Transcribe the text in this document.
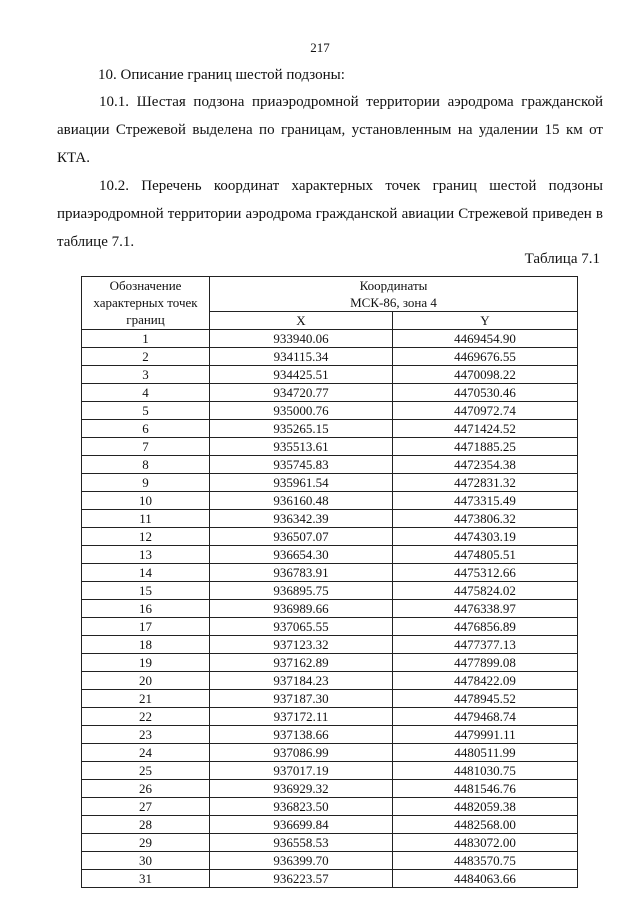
217
10. Описание границ шестой подзоны:

10.1. Шестая подзона приаэродромной территории аэродрома гражданской авиации Стрежевой выделена по границам, установленным на удалении 15 км от КТА.

10.2. Перечень координат характерных точек границ шестой подзоны приаэродромной территории аэродрома гражданской авиации Стрежевой приведен в таблице 7.1.

Таблица 7.1
Обозначение характерных точек границ	Координаты
МСК-86, зона 4	

	X	Y
1	933940.06	4469454.90
2	934115.34	4469676.55
3	934425.51	4470098.22
4	934720.77	4470530.46
5	935000.76	4470972.74
6	935265.15	4471424.52
7	935513.61	4471885.25
8	935745.83	4472354.38
9	935961.54	4472831.32
10	936160.48	4473315.49
11	936342.39	4473806.32
12	936507.07	4474303.19
13	936654.30	4474805.51
14	936783.91	4475312.66
15	936895.75	4475824.02
16	936989.66	4476338.97
17	937065.55	4476856.89
18	937123.32	4477377.13
19	937162.89	4477899.08
20	937184.23	4478422.09
21	937187.30	4478945.52
22	937172.11	4479468.74
23	937138.66	4479991.11
24	937086.99	4480511.99
25	937017.19	4481030.75
26	936929.32	4481546.76
27	936823.50	4482059.38
28	936699.84	4482568.00
29	936558.53	4483072.00
30	936399.70	4483570.75
31	936223.57	4484063.66
